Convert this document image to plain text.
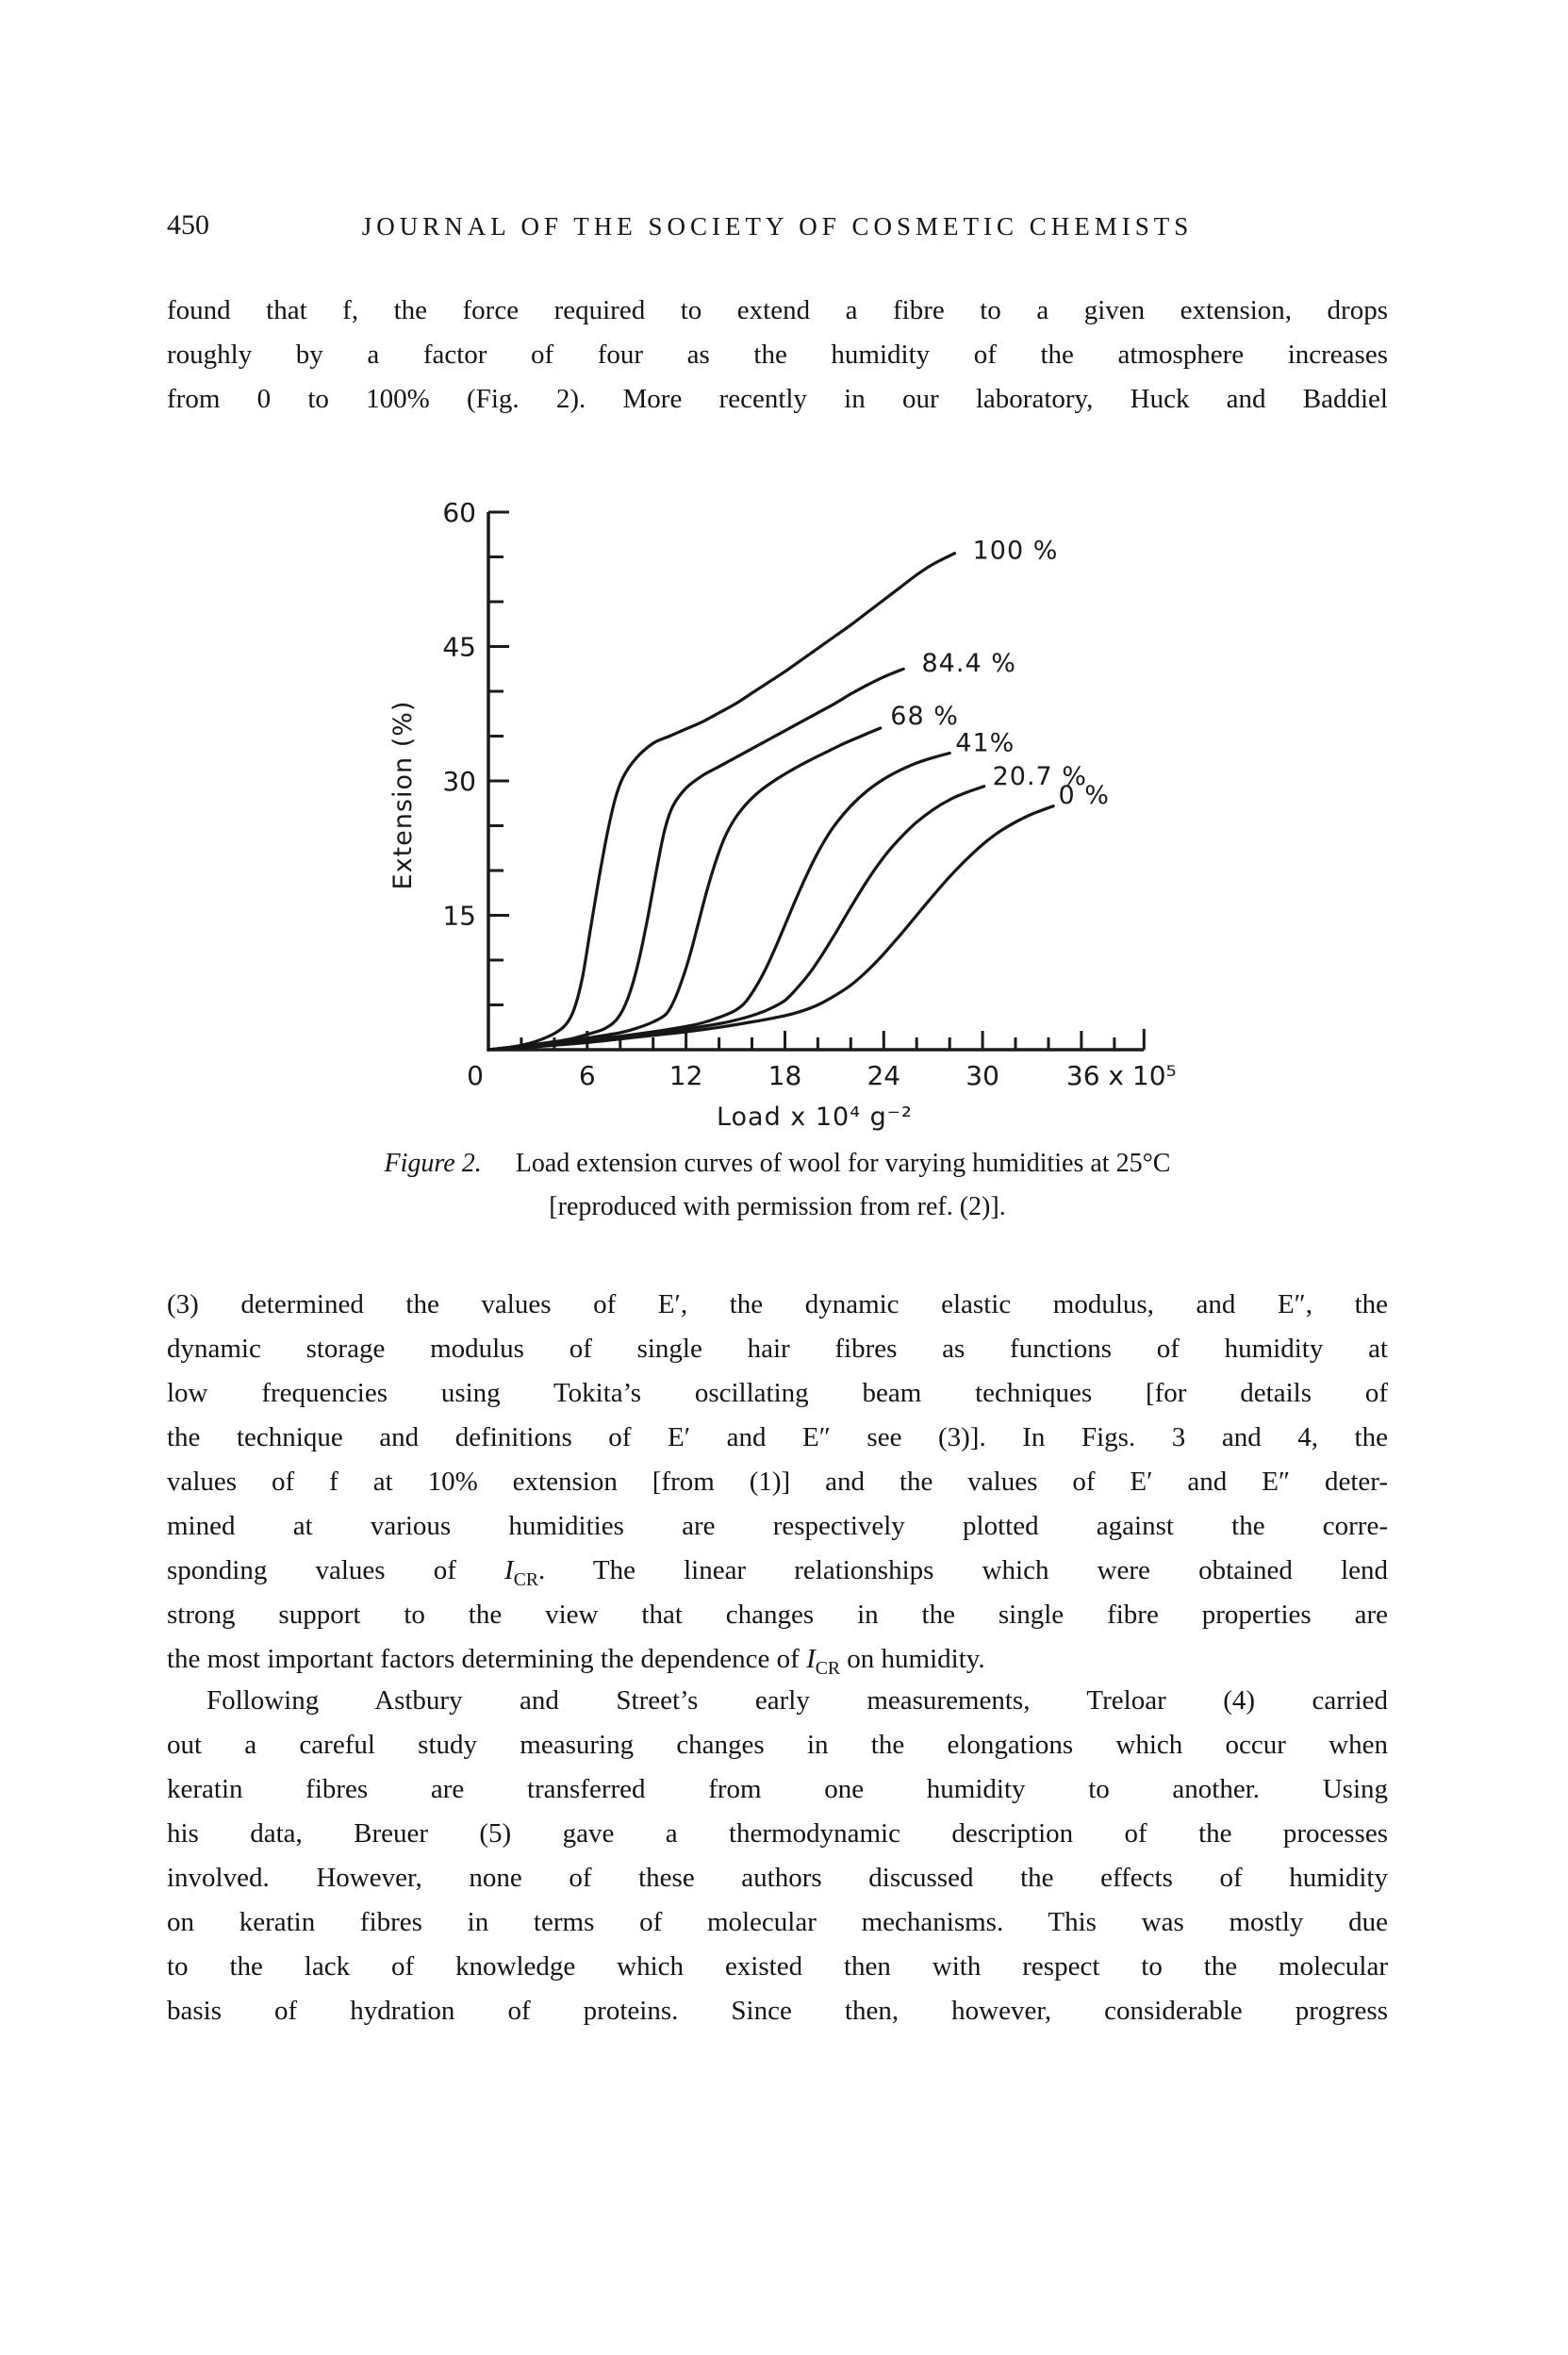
450	JOURNAL OF THE SOCIETY OF COSMETIC CHEMISTS
found that f, the force required to extend a fibre to a given extension, drops
roughly by a factor of four as the humidity of the atmosphere increases
from 0 to 100% (Fig. 2). More recently in our laboratory, Huck and Baddiel
15
30
45
60
0	6	12 18 24 30	36 x 10⁵
Load x 10⁴ g⁻²
Extension (%)
100 %
84.4 %
68 %
41%
20.7 %
0 %
Figure 2. Load extension curves of wool for varying humidities at 25°C
[reproduced with permission from ref. (2)].
(3) determined the values of E′, the dynamic elastic modulus, and E″, the
dynamic storage modulus of single hair fibres as functions of humidity at
low frequencies using Tokita’s oscillating beam techniques [for details of
the technique and definitions of E′ and E″ see (3)]. In Figs. 3 and 4, the
values of f at 10% extension [from (1)] and the values of E′ and E″ deter-
mined at various humidities are respectively plotted against the corre-
sponding values of $I_{CR}$. The linear relationships which were obtained lend
strong support to the view that changes in the single fibre properties are
the most important factors determining the dependence of $I_{CR}$ on humidity.
Following Astbury and Street’s early measurements, Treloar (4) carried
out a careful study measuring changes in the elongations which occur when
keratin fibres are transferred from one humidity to another. Using
his data, Breuer (5) gave a thermodynamic description of the processes
involved. However, none of these authors discussed the effects of humidity
on keratin fibres in terms of molecular mechanisms. This was mostly due
to the lack of knowledge which existed then with respect to the molecular
basis of hydration of proteins. Since then, however, considerable progress
